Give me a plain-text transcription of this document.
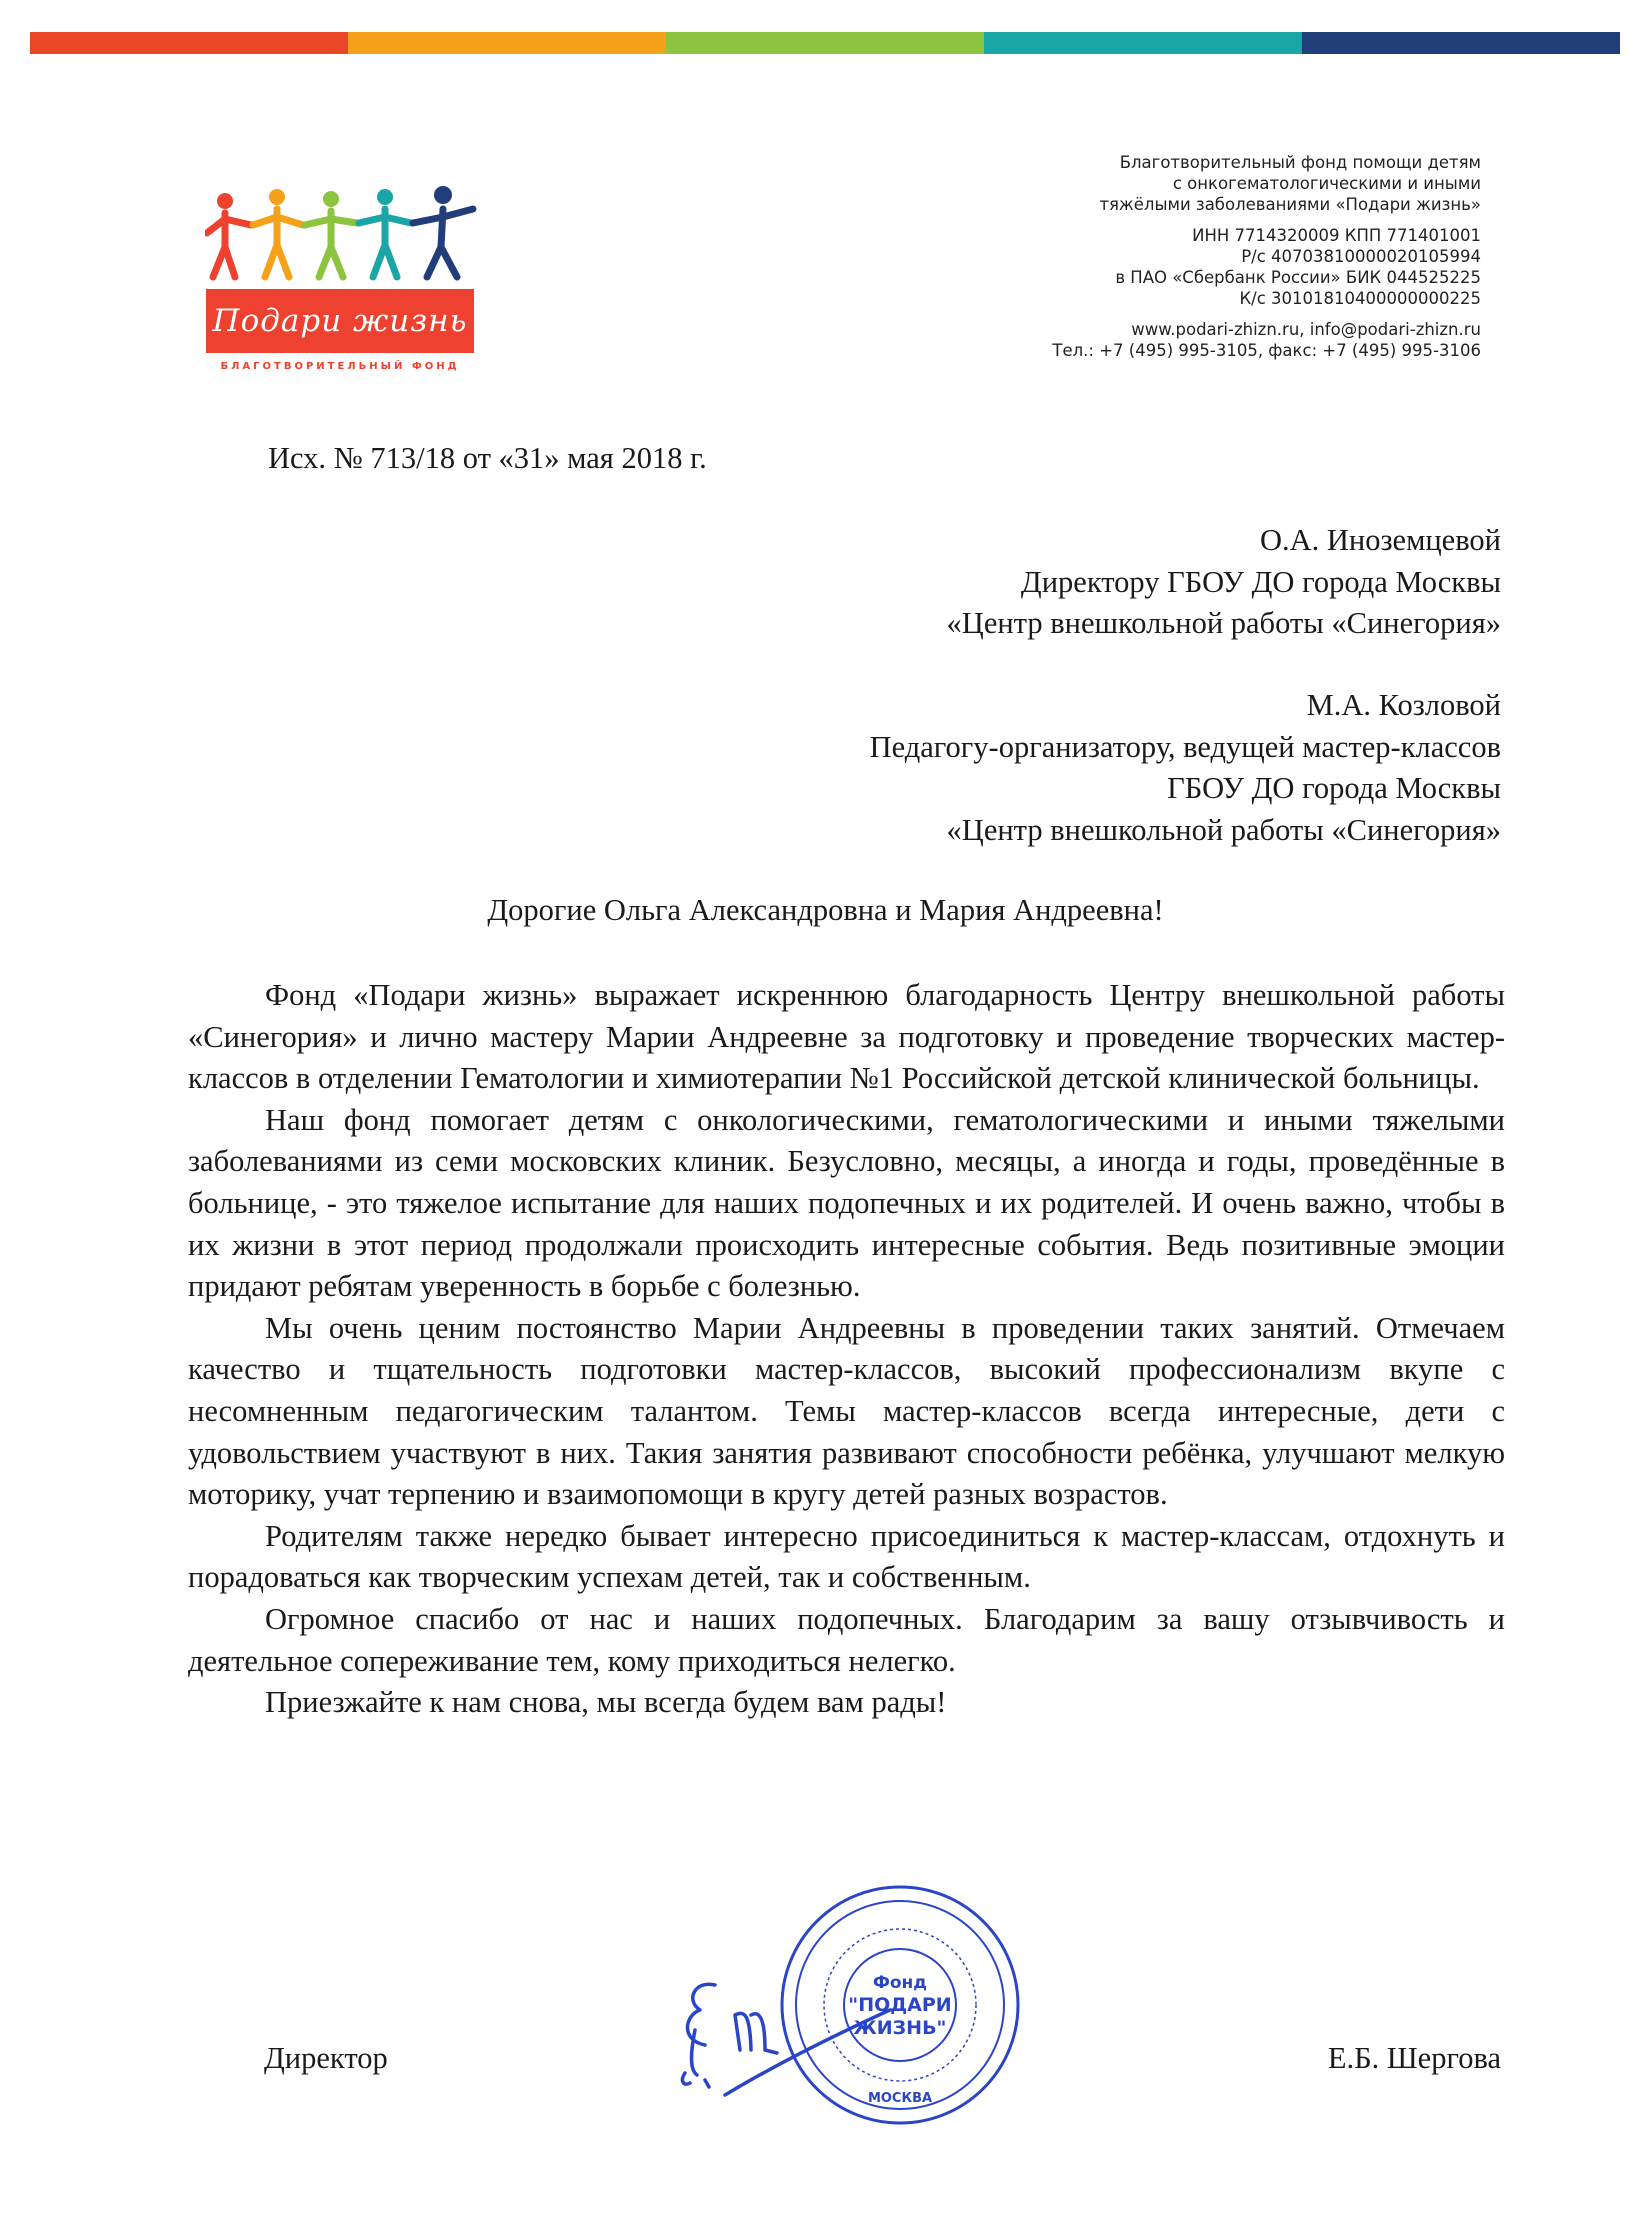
Подари жизнь
БЛАГОТВОРИТЕЛЬНЫЙ ФОНД
Благотворительный фонд помощи детям
с онкогематологическими и иными
тяжёлыми заболеваниями «Подари жизнь»
ИНН 7714320009 КПП 771401001
Р/с 40703810000020105994
в ПАО «Сбербанк России» БИК 044525225
К/с 30101810400000000225
www.podari-zhizn.ru, info@podari-zhizn.ru
Тел.: +7 (495) 995-3105, факс: +7 (495) 995-3106
Исх. № 713/18 от «31» мая 2018 г.
О.А. Иноземцевой
Директору ГБОУ ДО города Москвы
«Центр внешкольной работы «Синегория»
М.А. Козловой
Педагогу-организатору, ведущей мастер-классов
ГБОУ ДО города Москвы
«Центр внешкольной работы «Синегория»
Дорогие Ольга Александровна и Мария Андреевна!

Фонд «Подари жизнь» выражает искреннюю благодарность Центру внешкольной работы «Синегория» и лично мастеру Марии Андреевне за подготовку и проведение творческих мастер-классов в отделении Гематологии и химиотерапии №1 Российской детской клинической больницы.

Наш фонд помогает детям с онкологическими, гематологическими и иными тяжелыми заболеваниями из семи московских клиник. Безусловно, месяцы, а иногда и годы, проведённые в больнице, - это тяжелое испытание для наших подопечных и их родителей. И очень важно, чтобы в их жизни в этот период продолжали происходить интересные события. Ведь позитивные эмоции придают ребятам уверенность в борьбе с болезнью.

Мы очень ценим постоянство Марии Андреевны в проведении таких занятий. Отмечаем качество и тщательность подготовки мастер-классов, высокий профессионализм вкупе с несомненным педагогическим талантом. Темы мастер-классов всегда интересные, дети с удовольствием участвуют в них. Такия занятия развивают способности ребёнка, улучшают мелкую моторику, учат терпению и взаимопомощи в кругу детей разных возрастов.

Родителям также нередко бывает интересно присоединиться к мастер-классам, отдохнуть и порадоваться как творческим успехам детей, так и собственным.

Огромное спасибо от нас и наших подопечных. Благодарим за вашу отзывчивость и деятельное сопереживание тем, кому приходиться нелегко.

Приезжайте к нам снова, мы всегда будем вам рады!

Директор	Е.Б. Шергова
Фонд
"ПОДАРИ
ЖИЗНЬ"
МОСКВА
